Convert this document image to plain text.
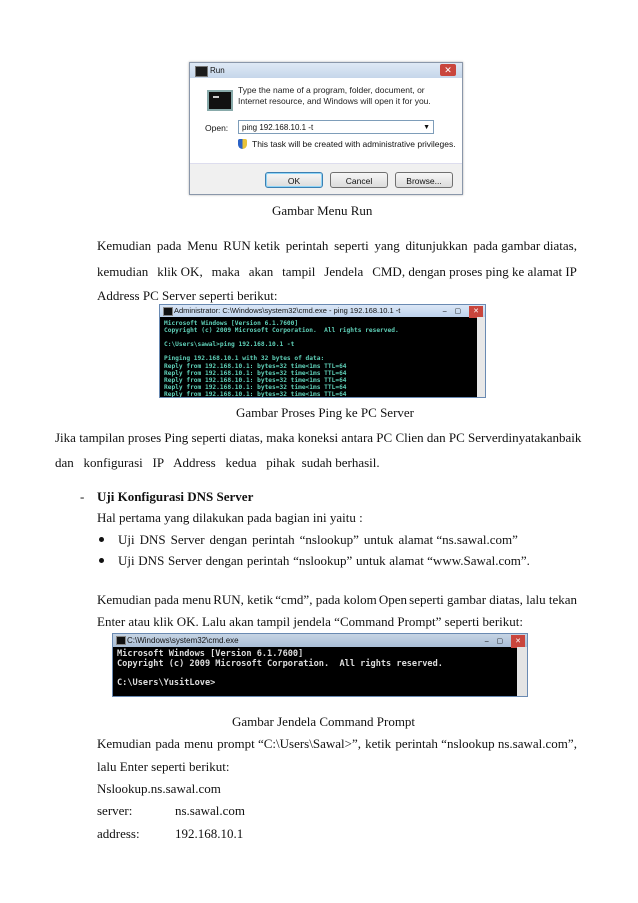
Run	✕
Type the name of a program, folder, document, or Internet resource, and Windows will open it for you.
Open:	ping 192.168.10.1 -t	▼
This task will be created with administrative privileges.
OK	Cancel	Browse...

Gambar Menu Run

Kemudian pada Menu RUN ketik perintah seperti yang ditunjukkan pada gambar diatas,

kemudian klik OK, maka akan tampil Jendela CMD, dengan proses ping ke alamat IP

Address PC Server seperti berikut:

Administrator: C:\Windows\system32\cmd.exe - ping 192.168.10.1 -t	– ▢ ✕
Microsoft Windows [Version 6.1.7600]
Copyright (c) 2009 Microsoft Corporation.  All rights reserved.

C:\Users\sawal>ping 192.168.10.1 -t

Pinging 192.168.10.1 with 32 bytes of data:
Reply from 192.168.10.1: bytes=32 time<1ms TTL=64
Reply from 192.168.10.1: bytes=32 time<1ms TTL=64
Reply from 192.168.10.1: bytes=32 time<1ms TTL=64
Reply from 192.168.10.1: bytes=32 time<1ms TTL=64
Reply from 192.168.10.1: bytes=32 time<1ms TTL=64

Gambar Proses Ping ke PC Server

Jika tampilan proses Ping seperti diatas, maka koneksi antara PC Clien dan PC Server dinyatakan baik

dan konfigurasi IP Address kedua pihak sudah berhasil.

- Uji Konfigurasi DNS Server

Hal pertama yang dilakukan pada bagian ini yaitu :

Uji DNS Server dengan perintah “nslookup” untuk alamat “ns.sawal.com”

Uji DNS Server dengan perintah “nslookup” untuk alamat “www.Sawal.com”.

Kemudian pada menu RUN, ketik “cmd”, pada kolom Open seperti gambar diatas, lalu tekan

Enter atau klik OK. Lalu akan tampil jendela “Command Prompt” seperti berikut:

C:\Windows\system32\cmd.exe	– ▢ ✕
Microsoft Windows [Version 6.1.7600]
Copyright (c) 2009 Microsoft Corporation.  All rights reserved.

C:\Users\YusitLove>

Gambar Jendela Command Prompt

Kemudian pada menu prompt “C:\Users\Sawal>”, ketik perintah “nslookup ns.sawal.com”,

lalu Enter seperti berikut:

Nslookup.ns.sawal.com

server:	ns.sawal.com

address:	192.168.10.1
